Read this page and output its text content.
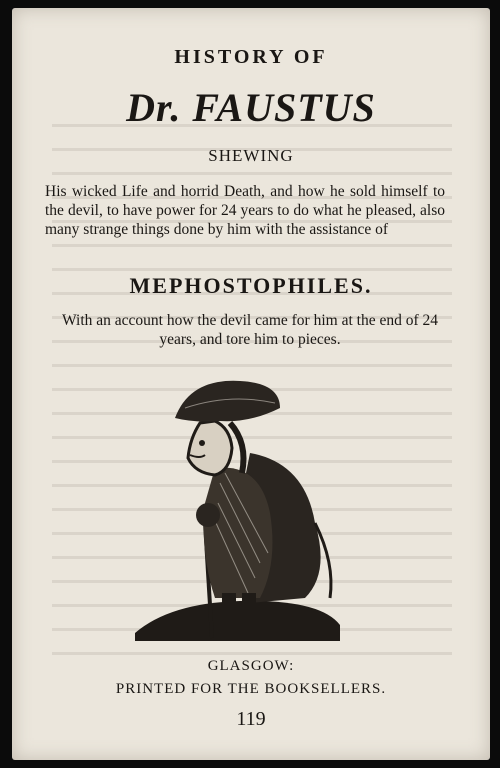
HISTORY OF
Dr. FAUSTUS
SHEWING
His wicked Life and horrid Death, and how he sold himself to the devil, to have power for 24 years to do what he pleased, also many strange things done by him with the assistance of
MEPHOSTOPHILES.
With an account how the devil came for him at the end of 24 years, and tore him to pieces.
GLASGOW:
PRINTED FOR THE BOOKSELLERS.
119
